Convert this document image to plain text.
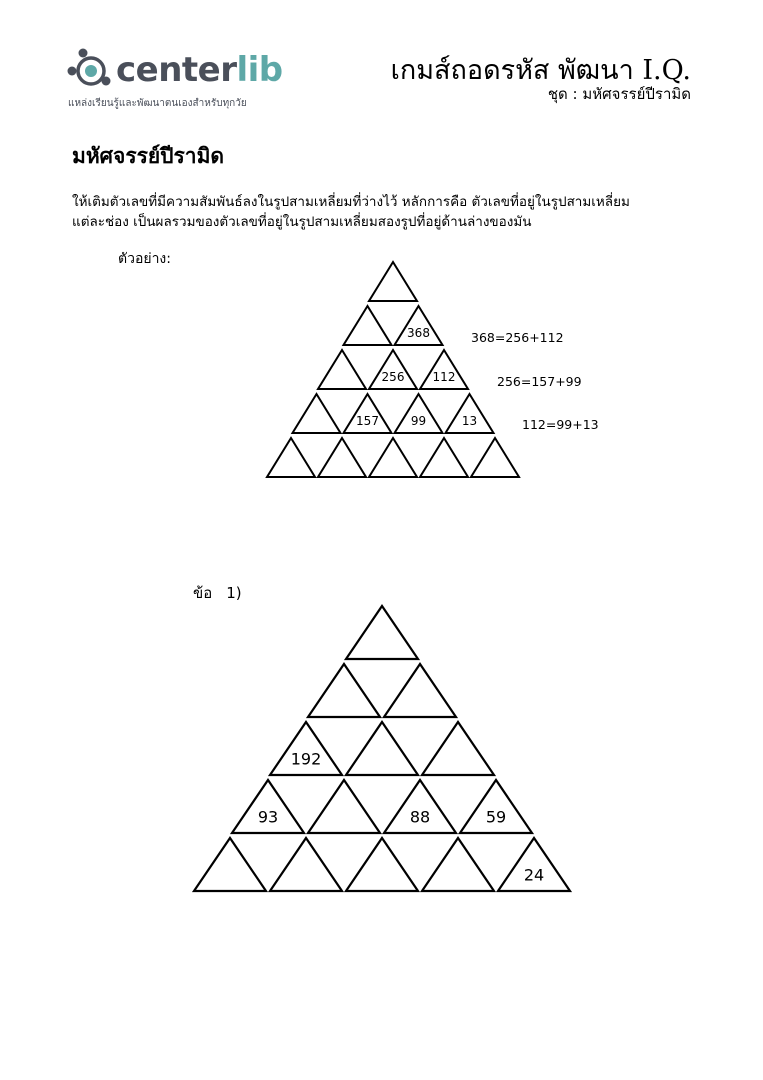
centerlib
แหล่งเรียนรู้และพัฒนาตนเองสำหรับทุกวัย
เกมส์ถอดรหัส พัฒนา I.Q.
ชุด : มหัศจรรย์ปีรามิด
มหัศจรรย์ปีรามิด
ให้เติมตัวเลขที่มีความสัมพันธ์ลงในรูปสามเหลี่ยมที่ว่างไว้ หลักการคือ ตัวเลขที่อยู่ในรูปสามเหลี่ยม
แต่ละช่อง เป็นผลรวมของตัวเลขที่อยู่ในรูปสามเหลี่ยมสองรูปที่อยู่ด้านล่างของมัน
ตัวอย่าง:
ข้อ 1)
368
256 112
157	99	13
368=256+112
256=157+99
112=99+13
192
93	88	59
24
